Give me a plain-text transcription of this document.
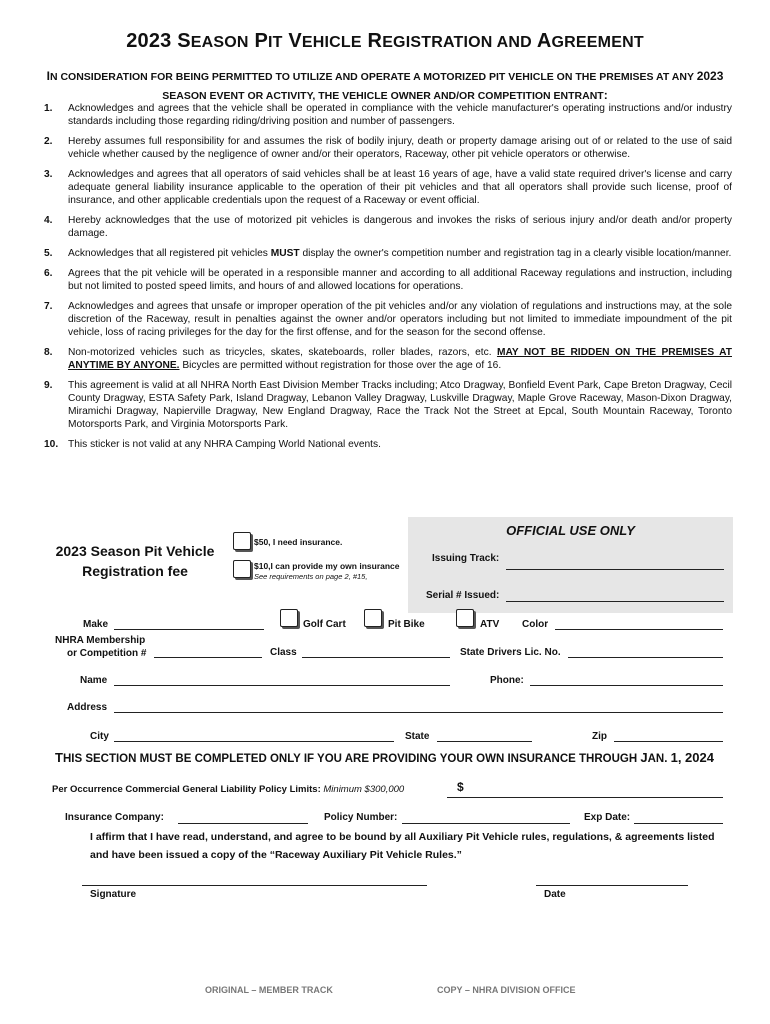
2023 SEASON PIT VEHICLE REGISTRATION AND AGREEMENT
IN CONSIDERATION FOR BEING PERMITTED TO UTILIZE AND OPERATE A MOTORIZED PIT VEHICLE ON THE PREMISES AT ANY 2023 SEASON EVENT OR ACTIVITY, THE VEHICLE OWNER AND/OR COMPETITION ENTRANT:
1.	Acknowledges and agrees that the vehicle shall be operated in compliance with the vehicle manufacturer's operating instructions and/or industry standards including those regarding riding/driving position and number of passengers.
2.	Hereby assumes full responsibility for and assumes the risk of bodily injury, death or property damage arising out of or related to the use of said vehicle whether caused by the negligence of owner and/or their operators, Raceway, other pit vehicle operators or otherwise.
3.	Acknowledges and agrees that all operators of said vehicles shall be at least 16 years of age, have a valid state required driver's license and carry adequate general liability insurance applicable to the operation of their pit vehicles and that all operators shall provide such license, proof of insurance, and other applicable credentials upon the request of a Raceway or event official.
4.	Hereby acknowledges that the use of motorized pit vehicles is dangerous and invokes the risks of serious injury and/or death and/or property damage.
5.	Acknowledges that all registered pit vehicles MUST display the owner's competition number and registration tag in a clearly visible location/manner.
6.	Agrees that the pit vehicle will be operated in a responsible manner and according to all additional Raceway regulations and instruction, including but not limited to posted speed limits, and hours of and allowed locations for operations.
7.	Acknowledges and agrees that unsafe or improper operation of the pit vehicles and/or any violation of regulations and instructions may, at the sole discretion of the Raceway, result in penalties against the owner and/or operators including but not limited to immediate impoundment of the pit vehicle, loss of racing privileges for the day for the first offense, and for the season for the second offense.
8.	Non-motorized vehicles such as tricycles, skates, skateboards, roller blades, razors, etc. MAY NOT BE RIDDEN ON THE PREMISES AT ANYTIME BY ANYONE. Bicycles are permitted without registration for those over the age of 16.
9.	This agreement is valid at all NHRA North East Division Member Tracks including; Atco Dragway, Bonfield Event Park, Cape Breton Dragway, Cecil County Dragway, ESTA Safety Park, Island Dragway, Lebanon Valley Dragway, Luskville Dragway, Maple Grove Raceway, Mason-Dixon Dragway, Miramichi Dragway, Napierville Dragway, New England Dragway, Race the Track Not the Street at Epcal, South Mountain Raceway, Toronto Motorsports Park, and Virginia Motorsports Park.
10. This sticker is not valid at any NHRA Camping World National events.
2023 Season Pit Vehicle
Registration fee
$50, I need insurance.
$10,I can provide my own insurance
See requirements on page 2, #15,
OFFICIAL USE ONLY
Issuing Track:
Serial # Issued:
Make	Golf Cart	Pit Bike	ATV Color
NHRA Membership
or Competition #	Class	State Drivers Lic. No.
Name	Phone:
Address
City	State	Zip
THIS SECTION MUST BE COMPLETED ONLY IF YOU ARE PROVIDING YOUR OWN INSURANCE THROUGH JAN. 1, 2024
Per Occurrence Commercial General Liability Policy Limits: Minimum $300,000	$
Insurance Company:	Policy Number:	Exp Date:
I affirm that I have read, understand, and agree to be bound by all Auxiliary Pit Vehicle rules, regulations, & agreements listed and have been issued a copy of the “Raceway Auxiliary Pit Vehicle Rules.”
Signature	Date
ORIGINAL – MEMBER TRACK	COPY – NHRA DIVISION OFFICE
